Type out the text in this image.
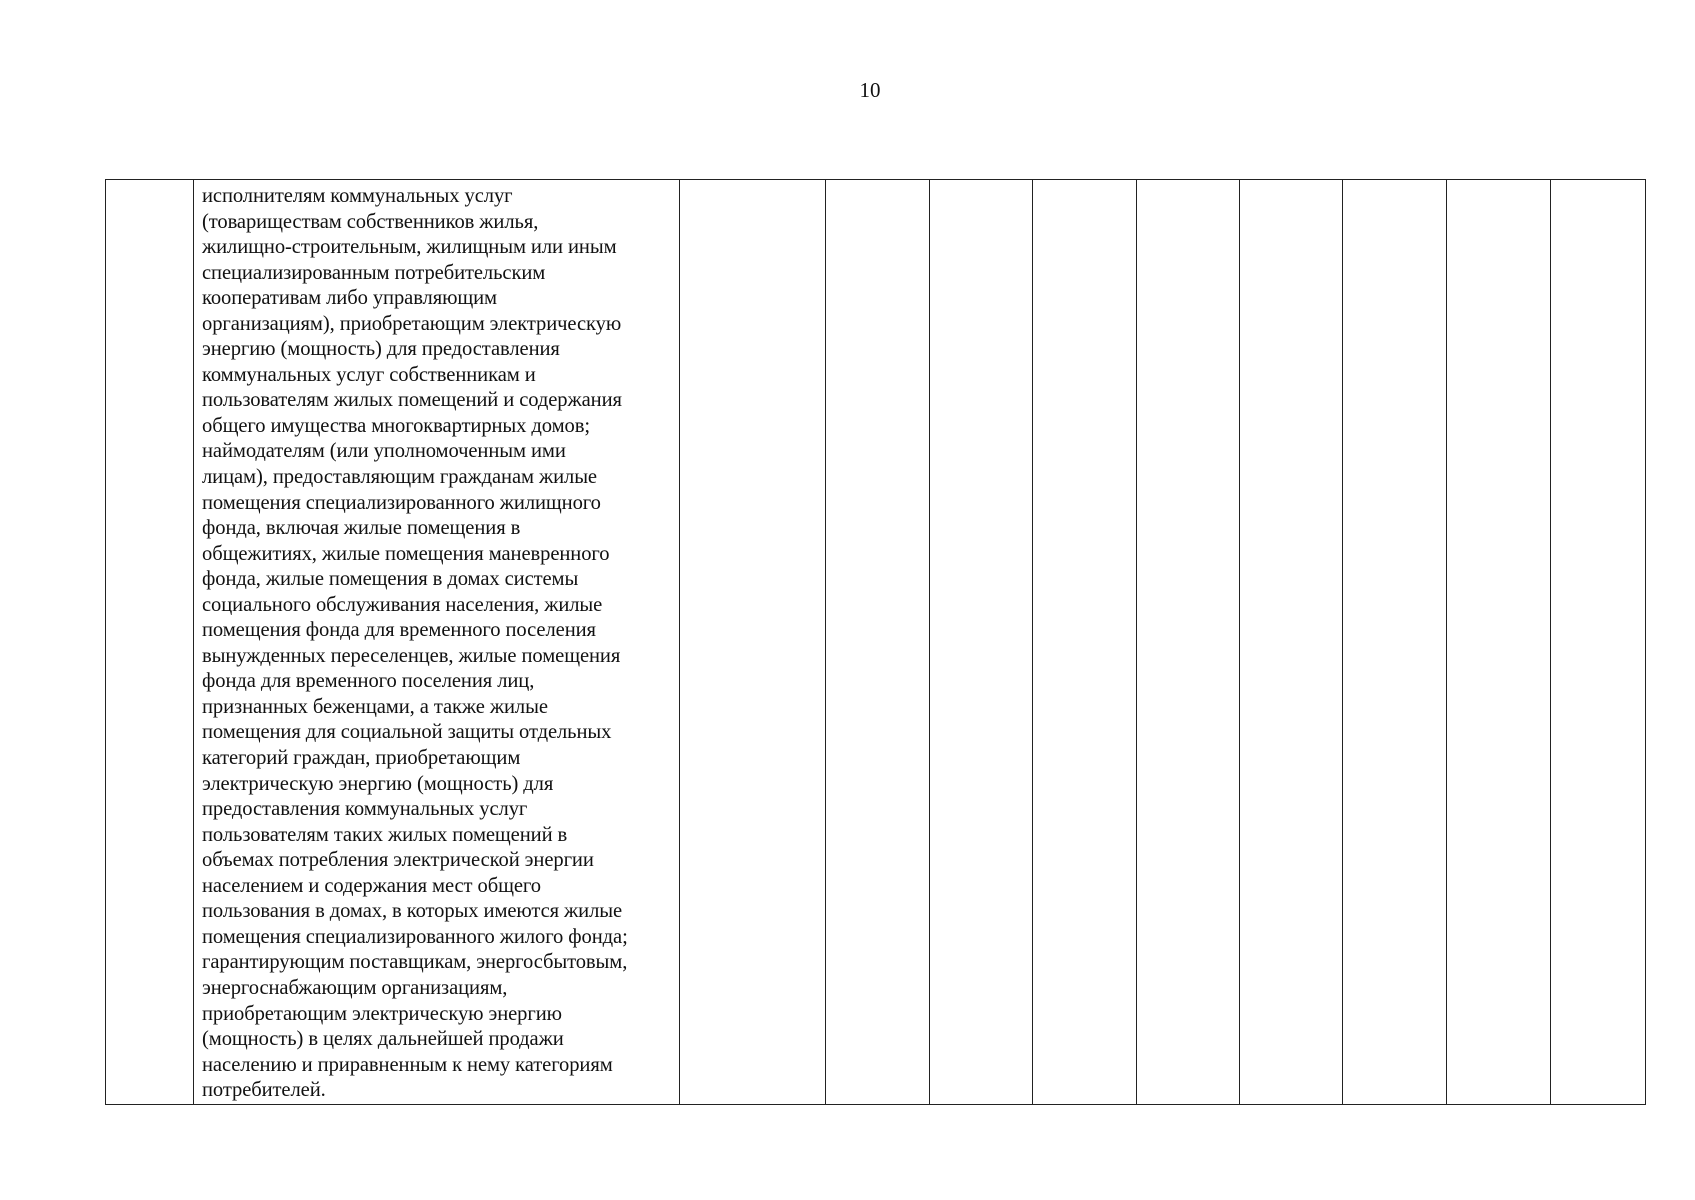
10

исполнителям коммунальных услуг
(товариществам собственников жилья,
жилищно-строительным, жилищным или иным
специализированным потребительским
кооперативам либо управляющим
организациям), приобретающим электрическую
энергию (мощность) для предоставления
коммунальных услуг собственникам и
пользователям жилых помещений и содержания
общего имущества многоквартирных домов;
наймодателям (или уполномоченным ими
лицам), предоставляющим гражданам жилые
помещения специализированного жилищного
фонда, включая жилые помещения в
общежитиях, жилые помещения маневренного
фонда, жилые помещения в домах системы
социального обслуживания населения, жилые
помещения фонда для временного поселения
вынужденных переселенцев, жилые помещения
фонда для временного поселения лиц,
признанных беженцами, а также жилые
помещения для социальной защиты отдельных
категорий граждан, приобретающим
электрическую энергию (мощность) для
предоставления коммунальных услуг
пользователям таких жилых помещений в
объемах потребления электрической энергии
населением и содержания мест общего
пользования в домах, в которых имеются жилые
помещения специализированного жилого фонда;
гарантирующим поставщикам, энергосбытовым,
энергоснабжающим организациям,
приобретающим электрическую энергию
(мощность) в целях дальнейшей продажи
населению и приравненным к нему категориям
потребителей.
